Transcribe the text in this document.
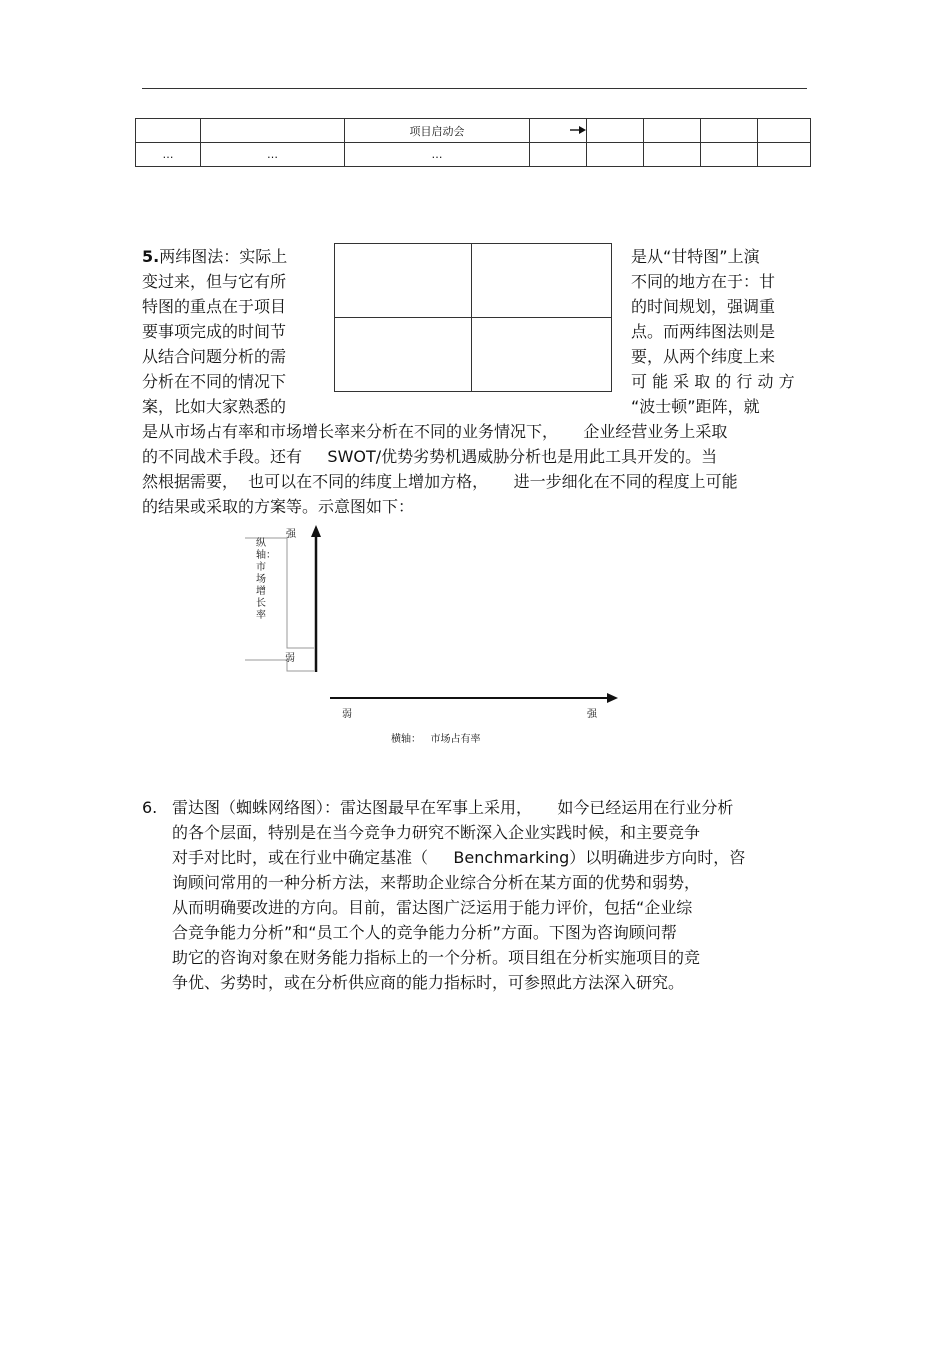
		项目启动会	

…	…	…					
5.两纬图法：实际上
变过来，但与它有所
特图的重点在于项目
要事项完成的时间节
从结合问题分析的需
分析在不同的情况下
案，比如大家熟悉的
是从“甘特图”上演
不同的地方在于：甘
的时间规划，强调重
点。而两纬图法则是
要，从两个纬度上来
可 能 采 取 的 行 动 方
“波士顿”距阵，就
是从市场占有率和市场增长率来分析在不同的业务情况下，     企业经营业务上采取
的不同战术手段。还有     SWOT/优势劣势机遇威胁分析也是用此工具开发的。当
然根据需要，  也可以在不同的纬度上增加方格，     进一步细化在不同的程度上可能
的结果或采取的方案等。示意图如下：
强
弱
纵轴：市场增长率
弱	强
横轴：   市场占有率
6. 雷达图（蜘蛛网络图）：雷达图最早在军事上采用，     如今已经运用在行业分析
的各个层面，特别是在当今竞争力研究不断深入企业实践时候，和主要竞争
对手对比时，或在行业中确定基准（     Benchmarking）以明确进步方向时，咨
询顾问常用的一种分析方法，来帮助企业综合分析在某方面的优势和弱势，
从而明确要改进的方向。目前，雷达图广泛运用于能力评价，包括“企业综
合竞争能力分析”和“员工个人的竞争能力分析”方面。下图为咨询顾问帮
助它的咨询对象在财务能力指标上的一个分析。项目组在分析实施项目的竞
争优、劣势时，或在分析供应商的能力指标时，可参照此方法深入研究。
